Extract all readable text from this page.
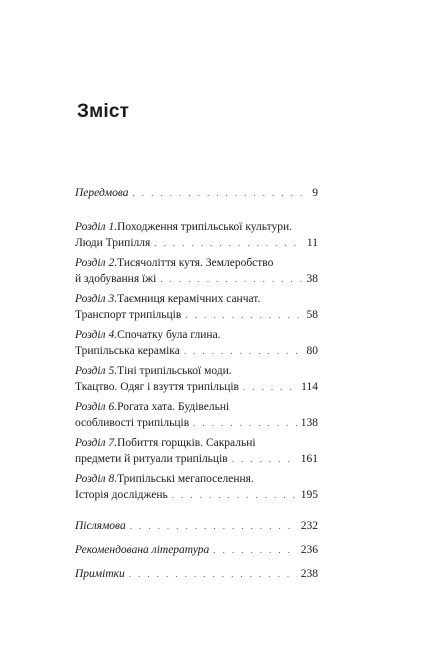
Зміст
Передмова . . .	9
Розділ 1. Походження трипільської культури.
Люди Трипілля . . .	11
Розділ 2. Тисячоліття кутя. Землеробство
й здобування їжі . . .	38
Розділ 3. Таємниця керамічних санчат.
Транспорт трипільців . . .	58
Розділ 4. Спочатку була глина.
Трипільська кераміка . . .	80
Розділ 5. Тіні трипільської моди.
Ткацтво. Одяг і взуття трипільців . . .	114
Розділ 6. Рогата хата. Будівельні
особливості трипільців . . .	138
Розділ 7. Побиття горщків. Сакральні
предмети й ритуали трипільців . . .	161
Розділ 8. Трипільські мегапоселення.
Історія досліджень . . .	195
Післямова . . .	232
Рекомендована література . . .	236
Примітки . . .	238
